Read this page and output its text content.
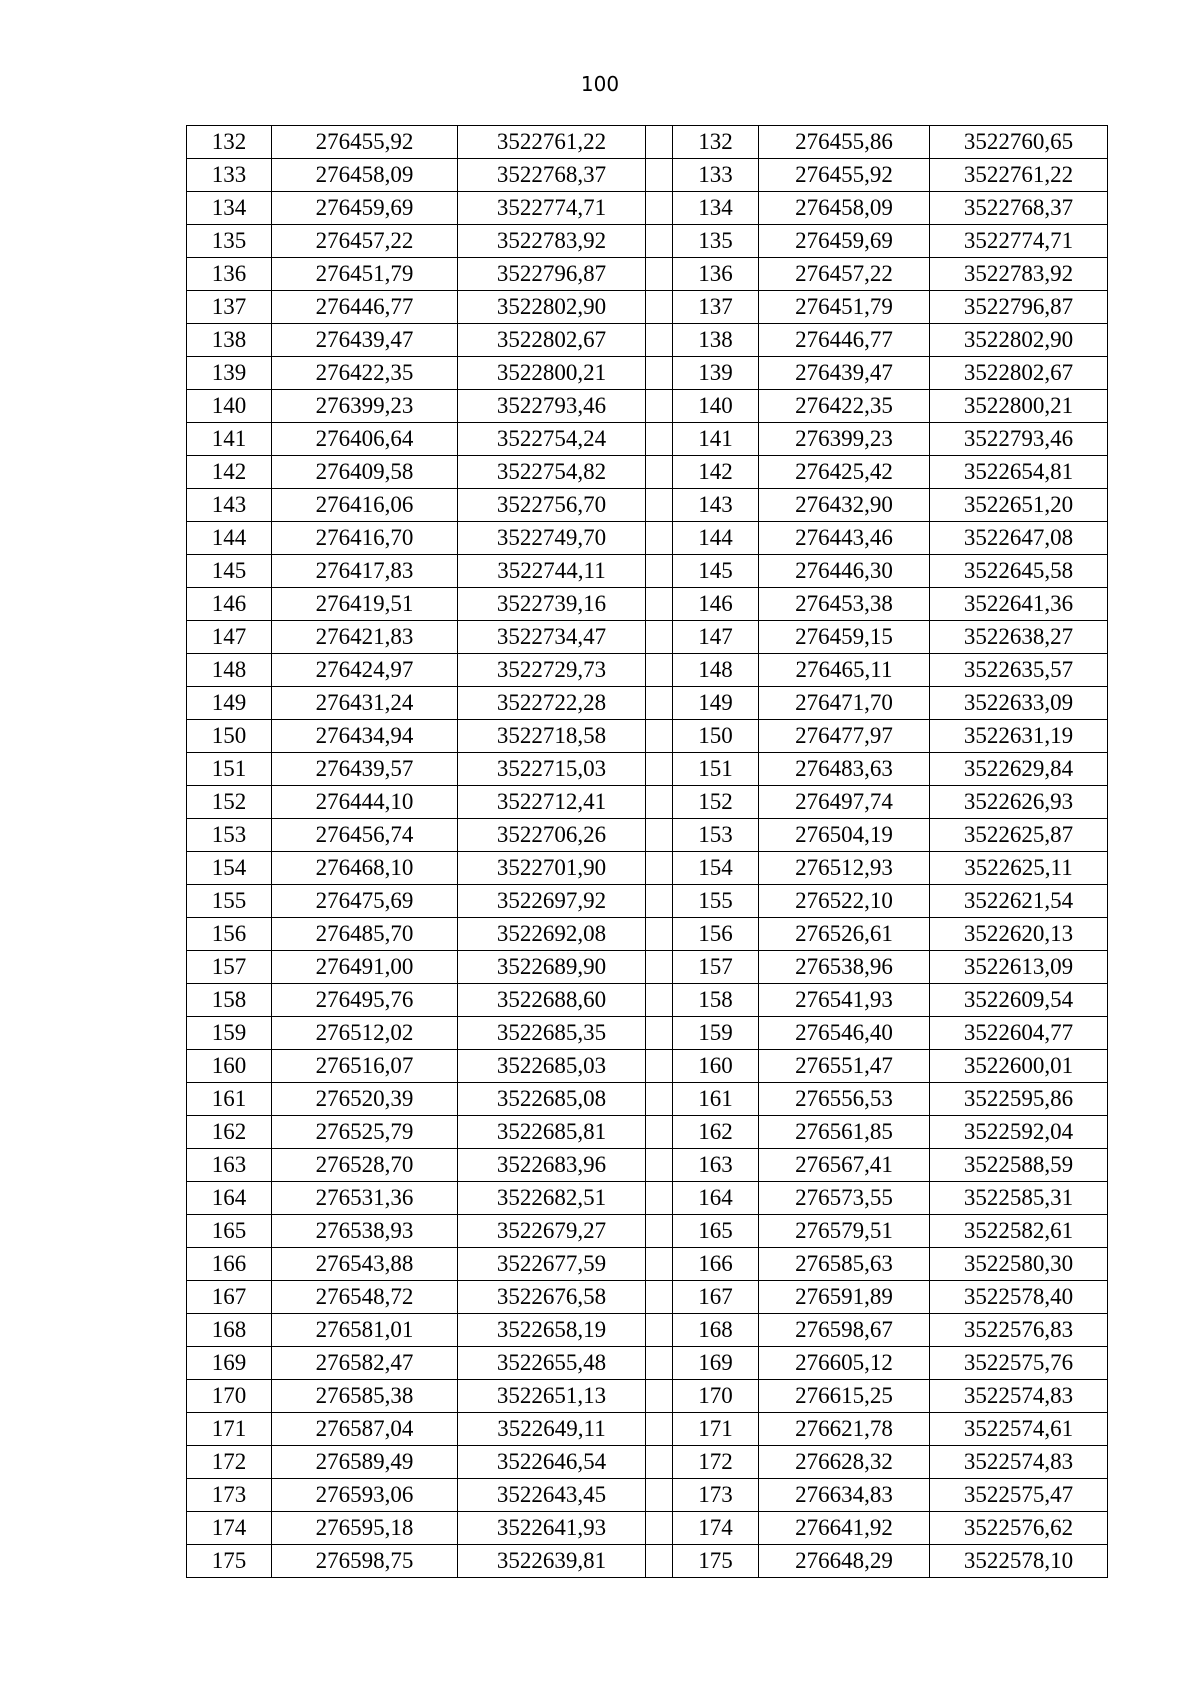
100
132	276455,92	3522761,22		132	276455,86	3522760,65
133	276458,09	3522768,37		133	276455,92	3522761,22
134	276459,69	3522774,71		134	276458,09	3522768,37
135	276457,22	3522783,92		135	276459,69	3522774,71
136	276451,79	3522796,87		136	276457,22	3522783,92
137	276446,77	3522802,90		137	276451,79	3522796,87
138	276439,47	3522802,67		138	276446,77	3522802,90
139	276422,35	3522800,21		139	276439,47	3522802,67
140	276399,23	3522793,46		140	276422,35	3522800,21
141	276406,64	3522754,24		141	276399,23	3522793,46
142	276409,58	3522754,82		142	276425,42	3522654,81
143	276416,06	3522756,70		143	276432,90	3522651,20
144	276416,70	3522749,70		144	276443,46	3522647,08
145	276417,83	3522744,11		145	276446,30	3522645,58
146	276419,51	3522739,16		146	276453,38	3522641,36
147	276421,83	3522734,47		147	276459,15	3522638,27
148	276424,97	3522729,73		148	276465,11	3522635,57
149	276431,24	3522722,28		149	276471,70	3522633,09
150	276434,94	3522718,58		150	276477,97	3522631,19
151	276439,57	3522715,03		151	276483,63	3522629,84
152	276444,10	3522712,41		152	276497,74	3522626,93
153	276456,74	3522706,26		153	276504,19	3522625,87
154	276468,10	3522701,90		154	276512,93	3522625,11
155	276475,69	3522697,92		155	276522,10	3522621,54
156	276485,70	3522692,08		156	276526,61	3522620,13
157	276491,00	3522689,90		157	276538,96	3522613,09
158	276495,76	3522688,60		158	276541,93	3522609,54
159	276512,02	3522685,35		159	276546,40	3522604,77
160	276516,07	3522685,03		160	276551,47	3522600,01
161	276520,39	3522685,08		161	276556,53	3522595,86
162	276525,79	3522685,81		162	276561,85	3522592,04
163	276528,70	3522683,96		163	276567,41	3522588,59
164	276531,36	3522682,51		164	276573,55	3522585,31
165	276538,93	3522679,27		165	276579,51	3522582,61
166	276543,88	3522677,59		166	276585,63	3522580,30
167	276548,72	3522676,58		167	276591,89	3522578,40
168	276581,01	3522658,19		168	276598,67	3522576,83
169	276582,47	3522655,48		169	276605,12	3522575,76
170	276585,38	3522651,13		170	276615,25	3522574,83
171	276587,04	3522649,11		171	276621,78	3522574,61
172	276589,49	3522646,54		172	276628,32	3522574,83
173	276593,06	3522643,45		173	276634,83	3522575,47
174	276595,18	3522641,93		174	276641,92	3522576,62
175	276598,75	3522639,81		175	276648,29	3522578,10
